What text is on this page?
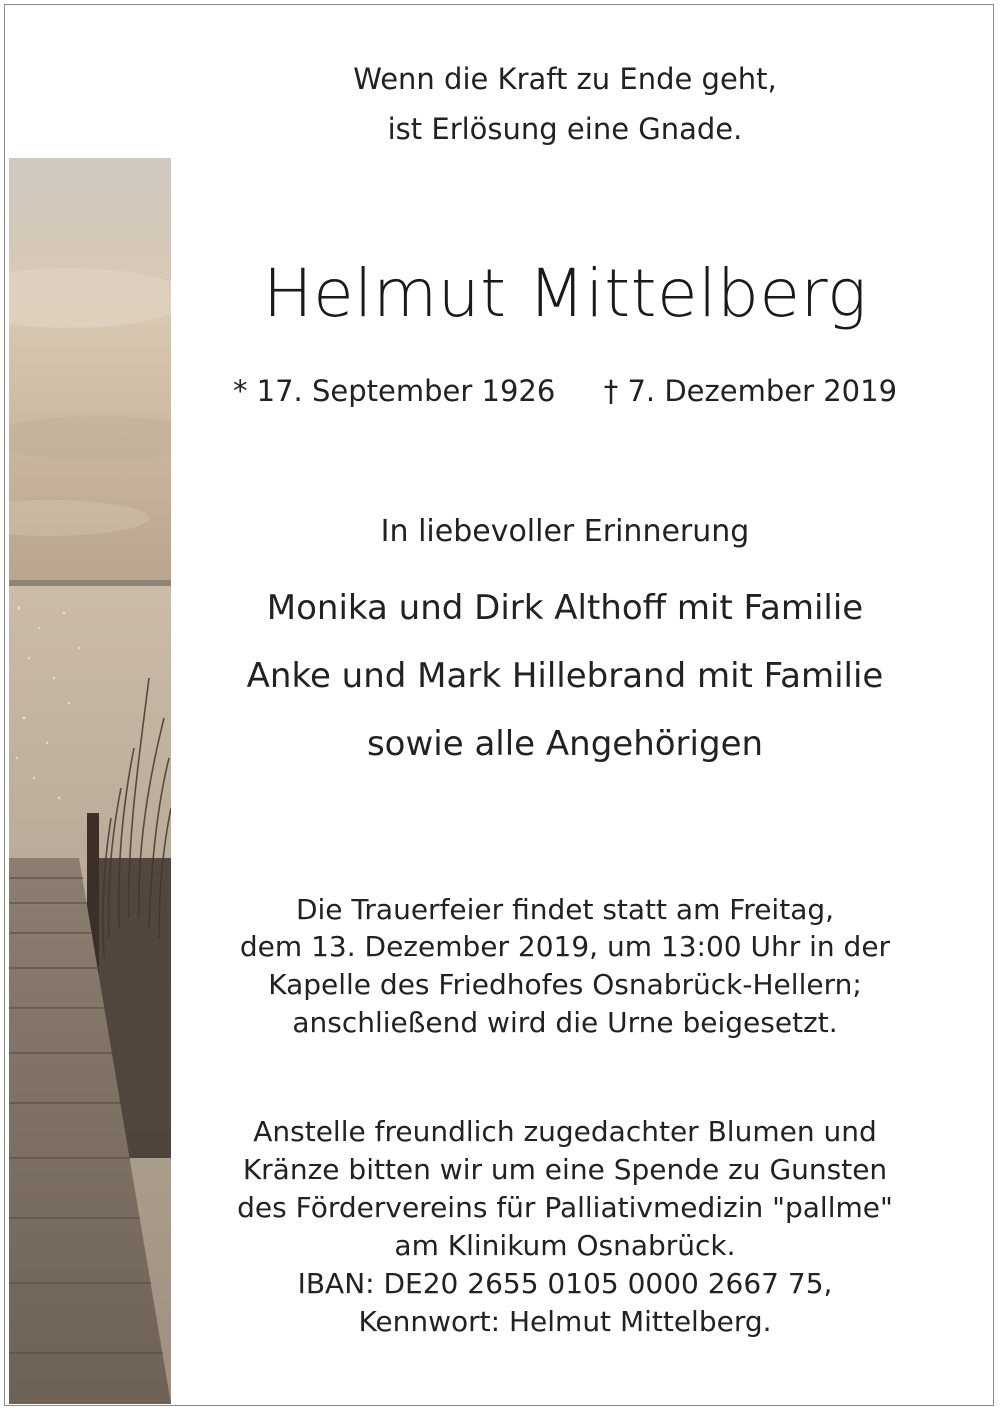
Wenn die Kraft zu Ende geht,
ist Erlösung eine Gnade.
Helmut Mittelberg
* 17. September 1926 † 7. Dezember 2019
In liebevoller Erinnerung
Monika und Dirk Althoff mit Familie
Anke und Mark Hillebrand mit Familie
sowie alle Angehörigen
Die Trauerfeier findet statt am Freitag,
dem 13. Dezember 2019, um 13:00 Uhr in der
Kapelle des Friedhofes Osnabrück-Hellern;
anschließend wird die Urne beigesetzt.
Anstelle freundlich zugedachter Blumen und
Kränze bitten wir um eine Spende zu Gunsten
des Fördervereins für Palliativmedizin "pallme"
am Klinikum Osnabrück.
IBAN: DE20 2655 0105 0000 2667 75,
Kennwort: Helmut Mittelberg.
